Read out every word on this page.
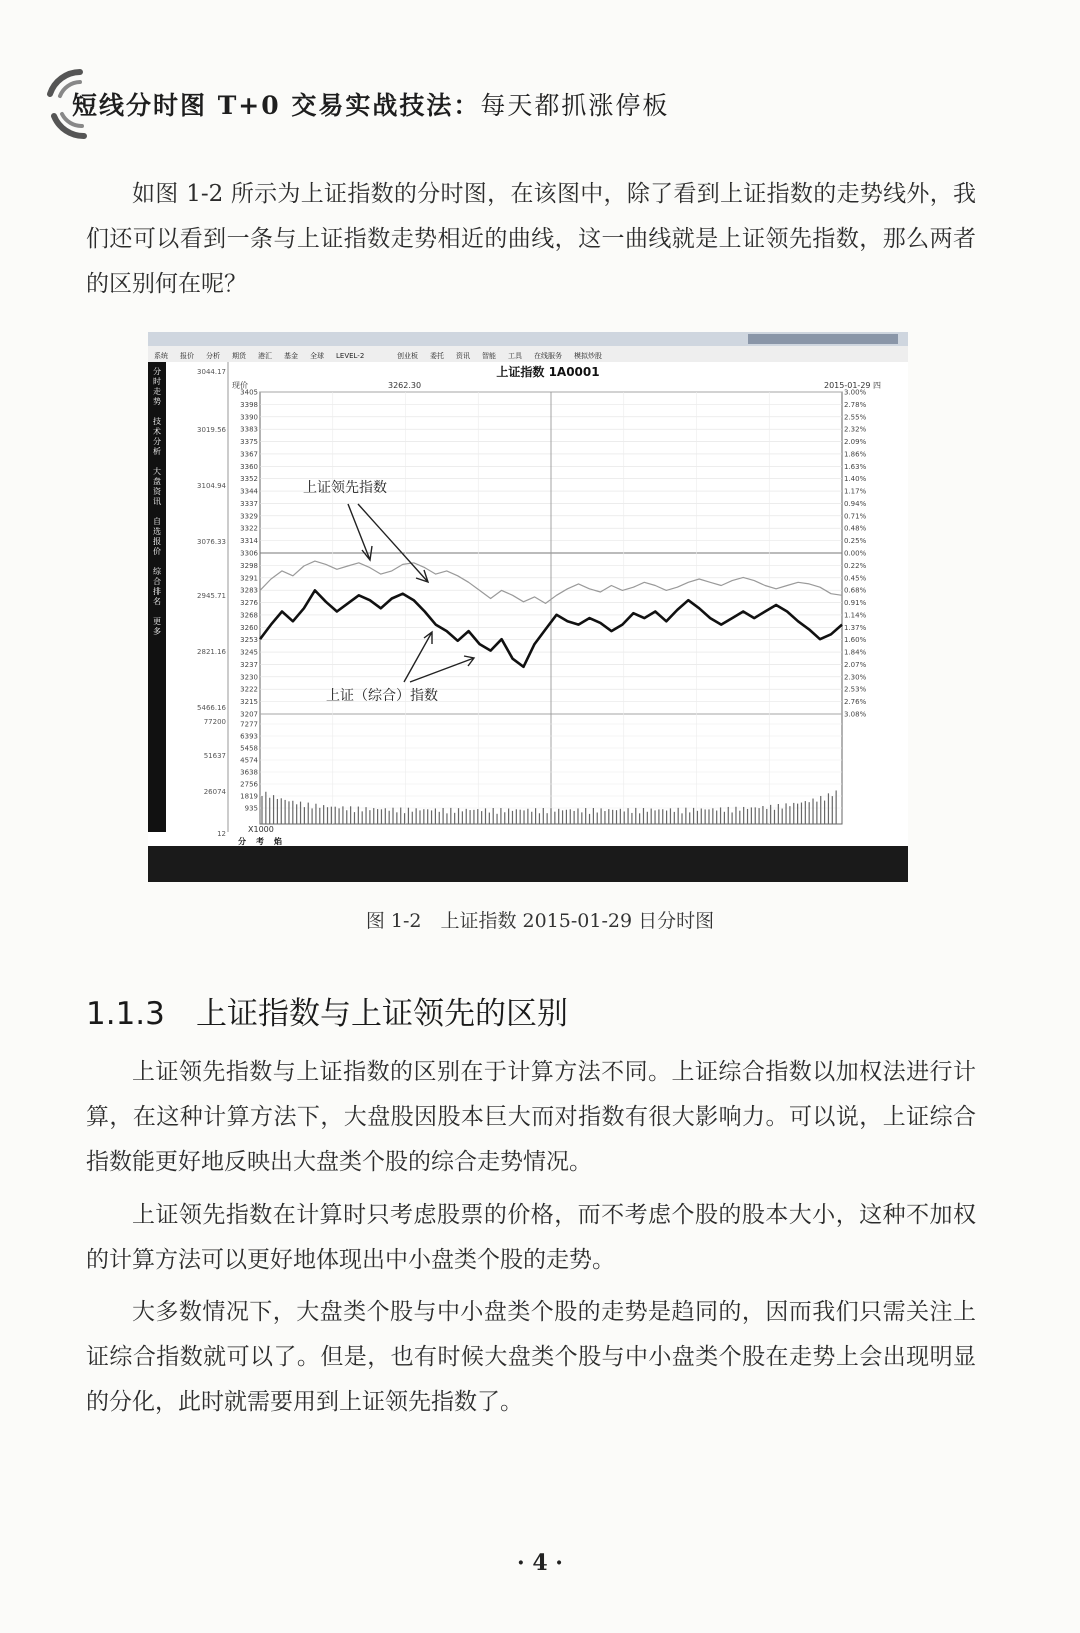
短线分时图 T+0 交易实战技法：每天都抓涨停板
如图 1-2 所示为上证指数的分时图，在该图中，除了看到上证指数的走势线外，我们还可以看到一条与上证指数走势相近的曲线，这一曲线就是上证领先指数，那么两者的区别何在呢？
系统 报价 分析 期货 港汇 基金 全球 LEVEL-2	创业板 委托 资讯 智能 工具 在线服务 模拟炒股
分
时
走
势
技
术
分
析
大
盘
资
讯
自
选
报
价
综
合
排
名
更
多
3044.17
3019.56
3104.94
3076.33
2945.71
2821.16
5466.16
77200
51637
26074
12
上证指数 1A0001
现价	3262.30	2015-01-29 四
3405
3398
3390
3383
3375
3367
3360
3352
3344
3337
3329
3322
3314
3306
3298
3291
3283
3276
3268
3260
3253
3245
3237
3230
3222
3215
3207
3.00%
2.78%
2.55%
2.32%
2.09%
1.86%
1.63%
1.40%
1.17%
0.94%
0.71%
0.48%
0.25%
0.00%
0.22%
0.45%
0.68%
0.91%
1.14%
1.37%
1.60%
1.84%
2.07%
2.30%
2.53%
2.76%
3.08%
7277
6393
5458
4574
3638
2756
1819
935
上证领先指数
上证（综合）指数
X1000
分 考 焰
图 1-2　上证指数 2015-01-29 日分时图
1.1.3 上证指数与上证领先的区别
上证领先指数与上证指数的区别在于计算方法不同。上证综合指数以加权法进行计算，在这种计算方法下，大盘股因股本巨大而对指数有很大影响力。可以说，上证综合指数能更好地反映出大盘类个股的综合走势情况。
上证领先指数在计算时只考虑股票的价格，而不考虑个股的股本大小，这种不加权的计算方法可以更好地体现出中小盘类个股的走势。
大多数情况下，大盘类个股与中小盘类个股的走势是趋同的，因而我们只需关注上证综合指数就可以了。但是，也有时候大盘类个股与中小盘类个股在走势上会出现明显的分化，此时就需要用到上证领先指数了。
· 4 ·
